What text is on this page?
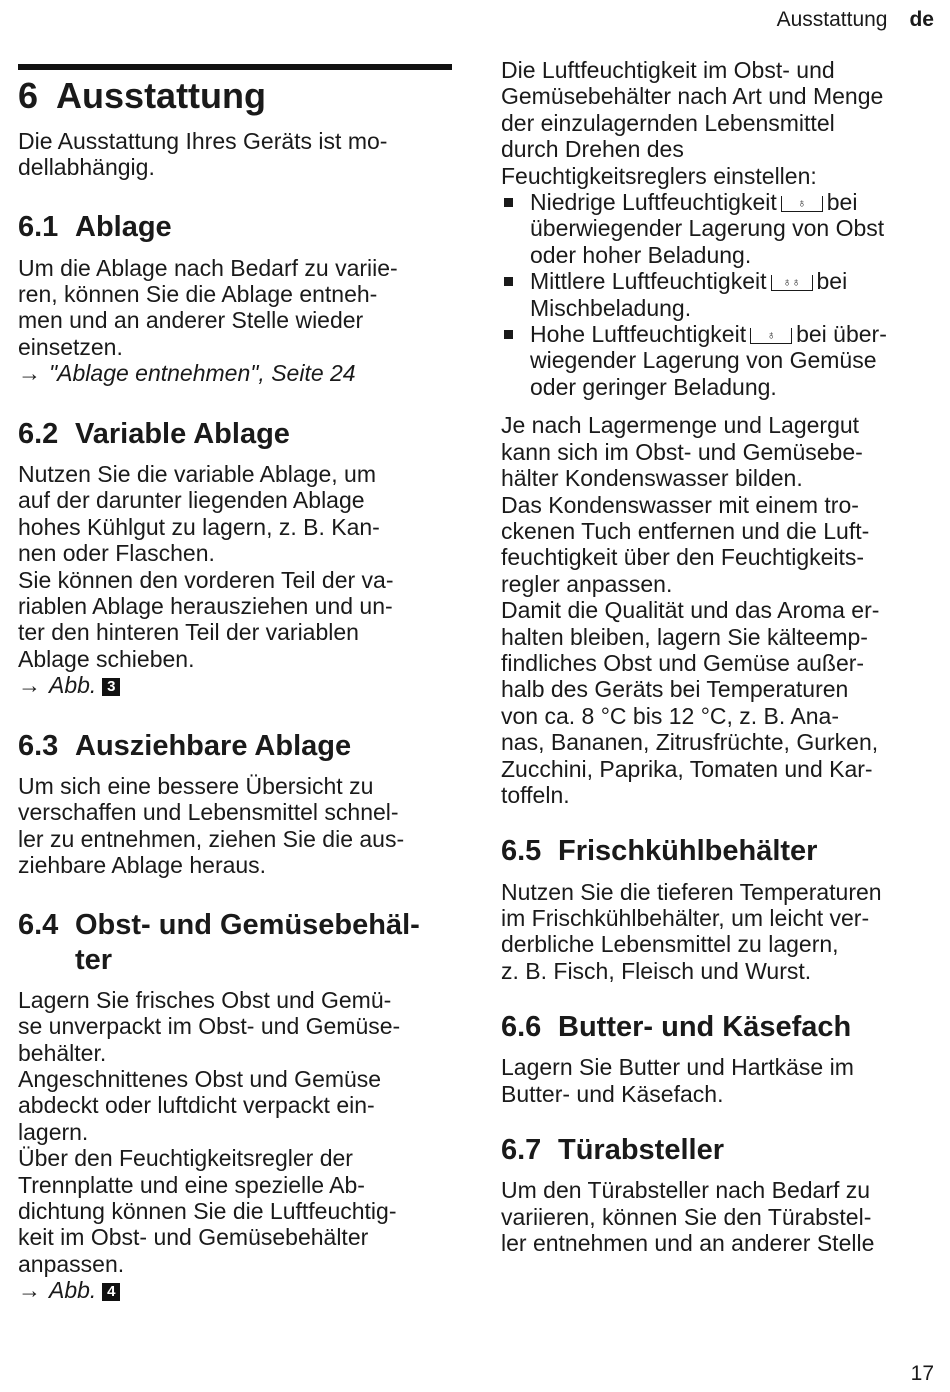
Ausstattung de
6 Ausstattung

Die Ausstattung Ihres Geräts ist mo-
dellabhängig.

6.1 Ablage

Um die Ablage nach Bedarf zu variie-
ren, können Sie die Ablage entneh-
men und an anderer Stelle wieder
einsetzen.

→ "Ablage entnehmen", Seite 24
6.2 Variable Ablage

Nutzen Sie die variable Ablage, um
auf der darunter liegenden Ablage
hohes Kühlgut zu lagern, z. B. Kan-
nen oder Flaschen.
Sie können den vorderen Teil der va-
riablen Ablage herausziehen und un-
ter den hinteren Teil der variablen
Ablage schieben.

→ Abb. 3
6.3 Ausziehbare Ablage

Um sich eine bessere Übersicht zu
verschaffen und Lebensmittel schnel-
ler zu entnehmen, ziehen Sie die aus-
ziehbare Ablage heraus.

6.4 Obst- und Gemüsebehäl-
ter

Lagern Sie frisches Obst und Gemü-
se unverpackt im Obst- und Gemüse-
behälter.
Angeschnittenes Obst und Gemüse
abdeckt oder luftdicht verpackt ein-
lagern.
Über den Feuchtigkeitsregler der
Trennplatte und eine spezielle Ab-
dichtung können Sie die Luftfeuchtig-
keit im Obst- und Gemüsebehälter
anpassen.

→ Abb. 4

Die Luftfeuchtigkeit im Obst- und
Gemüsebehälter nach Art und Menge
der einzulagernden Lebensmittel
durch Drehen des
Feuchtigkeitsreglers einstellen:

Niedrige Luftfeuchtigkeit ♁ bei
überwiegender Lagerung von Obst
oder hoher Beladung.
Mittlere Luftfeuchtigkeit ♁♁ bei
Mischbeladung.
Hohe Luftfeuchtigkeit ♁ bei über-
wiegender Lagerung von Gemüse
oder geringer Beladung.

Je nach Lagermenge und Lagergut
kann sich im Obst- und Gemüsebe-
hälter Kondenswasser bilden.
Das Kondenswasser mit einem tro-
ckenen Tuch entfernen und die Luft-
feuchtigkeit über den Feuchtigkeits-
regler anpassen.
Damit die Qualität und das Aroma er-
halten bleiben, lagern Sie kälteemp-
findliches Obst und Gemüse außer-
halb des Geräts bei Temperaturen
von ca. 8 °C bis 12 °C, z. B. Ana-
nas, Bananen, Zitrusfrüchte, Gurken,
Zucchini, Paprika, Tomaten und Kar-
toffeln.

6.5 Frischkühlbehälter

Nutzen Sie die tieferen Temperaturen
im Frischkühlbehälter, um leicht ver-
derbliche Lebensmittel zu lagern,
z. B. Fisch, Fleisch und Wurst.

6.6 Butter- und Käsefach

Lagern Sie Butter und Hartkäse im
Butter- und Käsefach.

6.7 Türabsteller

Um den Türabsteller nach Bedarf zu
variieren, können Sie den Türabstel-
ler entnehmen und an anderer Stelle

17
